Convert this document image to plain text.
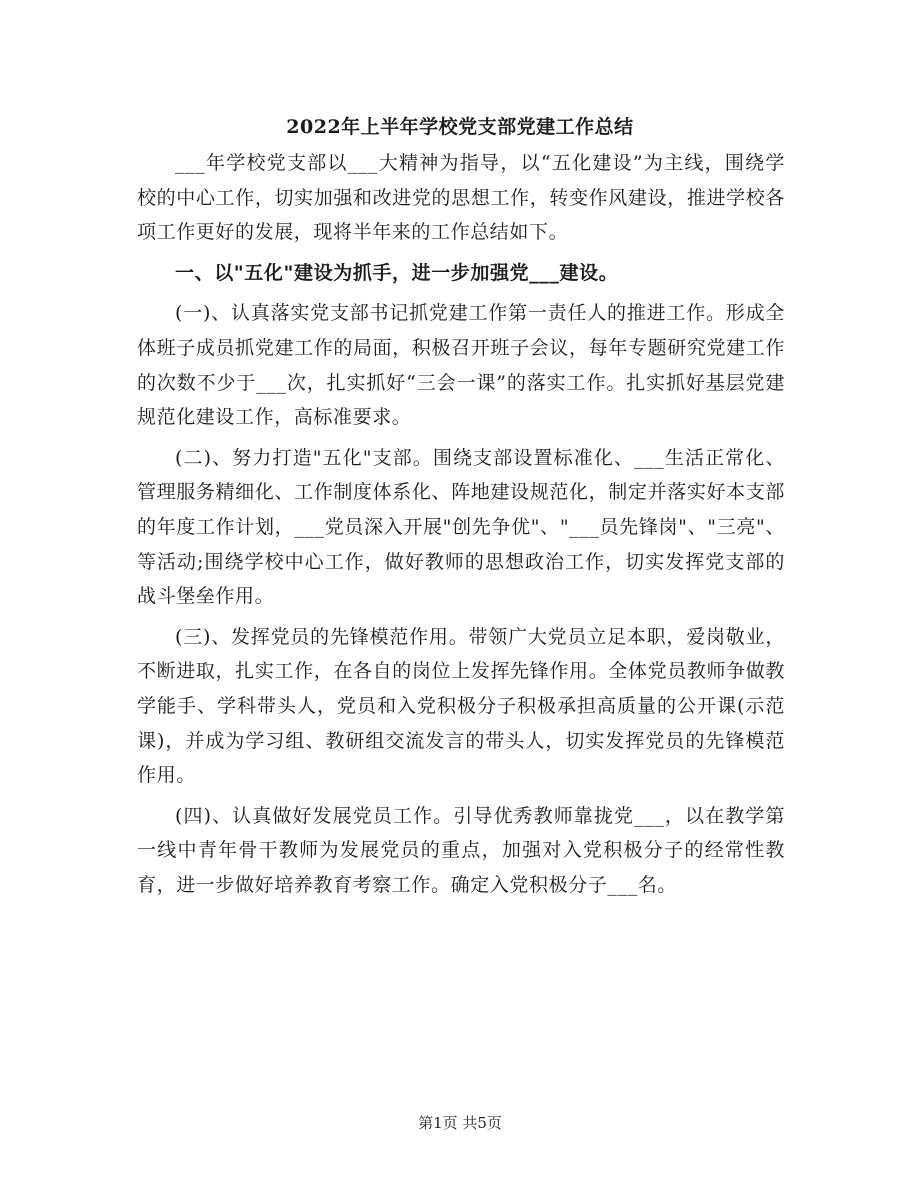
2022年上半年学校党支部党建工作总结

___年学校党支部以___大精神为指导，以“五化建设”为主线，围绕学校的中心工作，切实加强和改进党的思想工作，转变作风建设，推进学校各项工作更好的发展，现将半年来的工作总结如下。

一、以"五化"建设为抓手，进一步加强党___建设。

(一)、认真落实党支部书记抓党建工作第一责任人的推进工作。形成全体班子成员抓党建工作的局面，积极召开班子会议，每年专题研究党建工作的次数不少于___次，扎实抓好“三会一课”的落实工作。扎实抓好基层党建规范化建设工作，高标准要求。

(二)、努力打造"五化"支部。围绕支部设置标准化、___生活正常化、管理服务精细化、工作制度体系化、阵地建设规范化，制定并落实好本支部的年度工作计划，___党员深入开展"创先争优"、"___员先锋岗"、"三亮"、等活动;围绕学校中心工作，做好教师的思想政治工作，切实发挥党支部的战斗堡垒作用。

(三)、发挥党员的先锋模范作用。带领广大党员立足本职，爱岗敬业，不断进取，扎实工作，在各自的岗位上发挥先锋作用。全体党员教师争做教学能手、学科带头人，党员和入党积极分子积极承担高质量的公开课(示范课)，并成为学习组、教研组交流发言的带头人，切实发挥党员的先锋模范作用。

(四)、认真做好发展党员工作。引导优秀教师靠拢党___，以在教学第一线中青年骨干教师为发展党员的重点，加强对入党积极分子的经常性教育，进一步做好培养教育考察工作。确定入党积极分子___名。

第1页 共5页
